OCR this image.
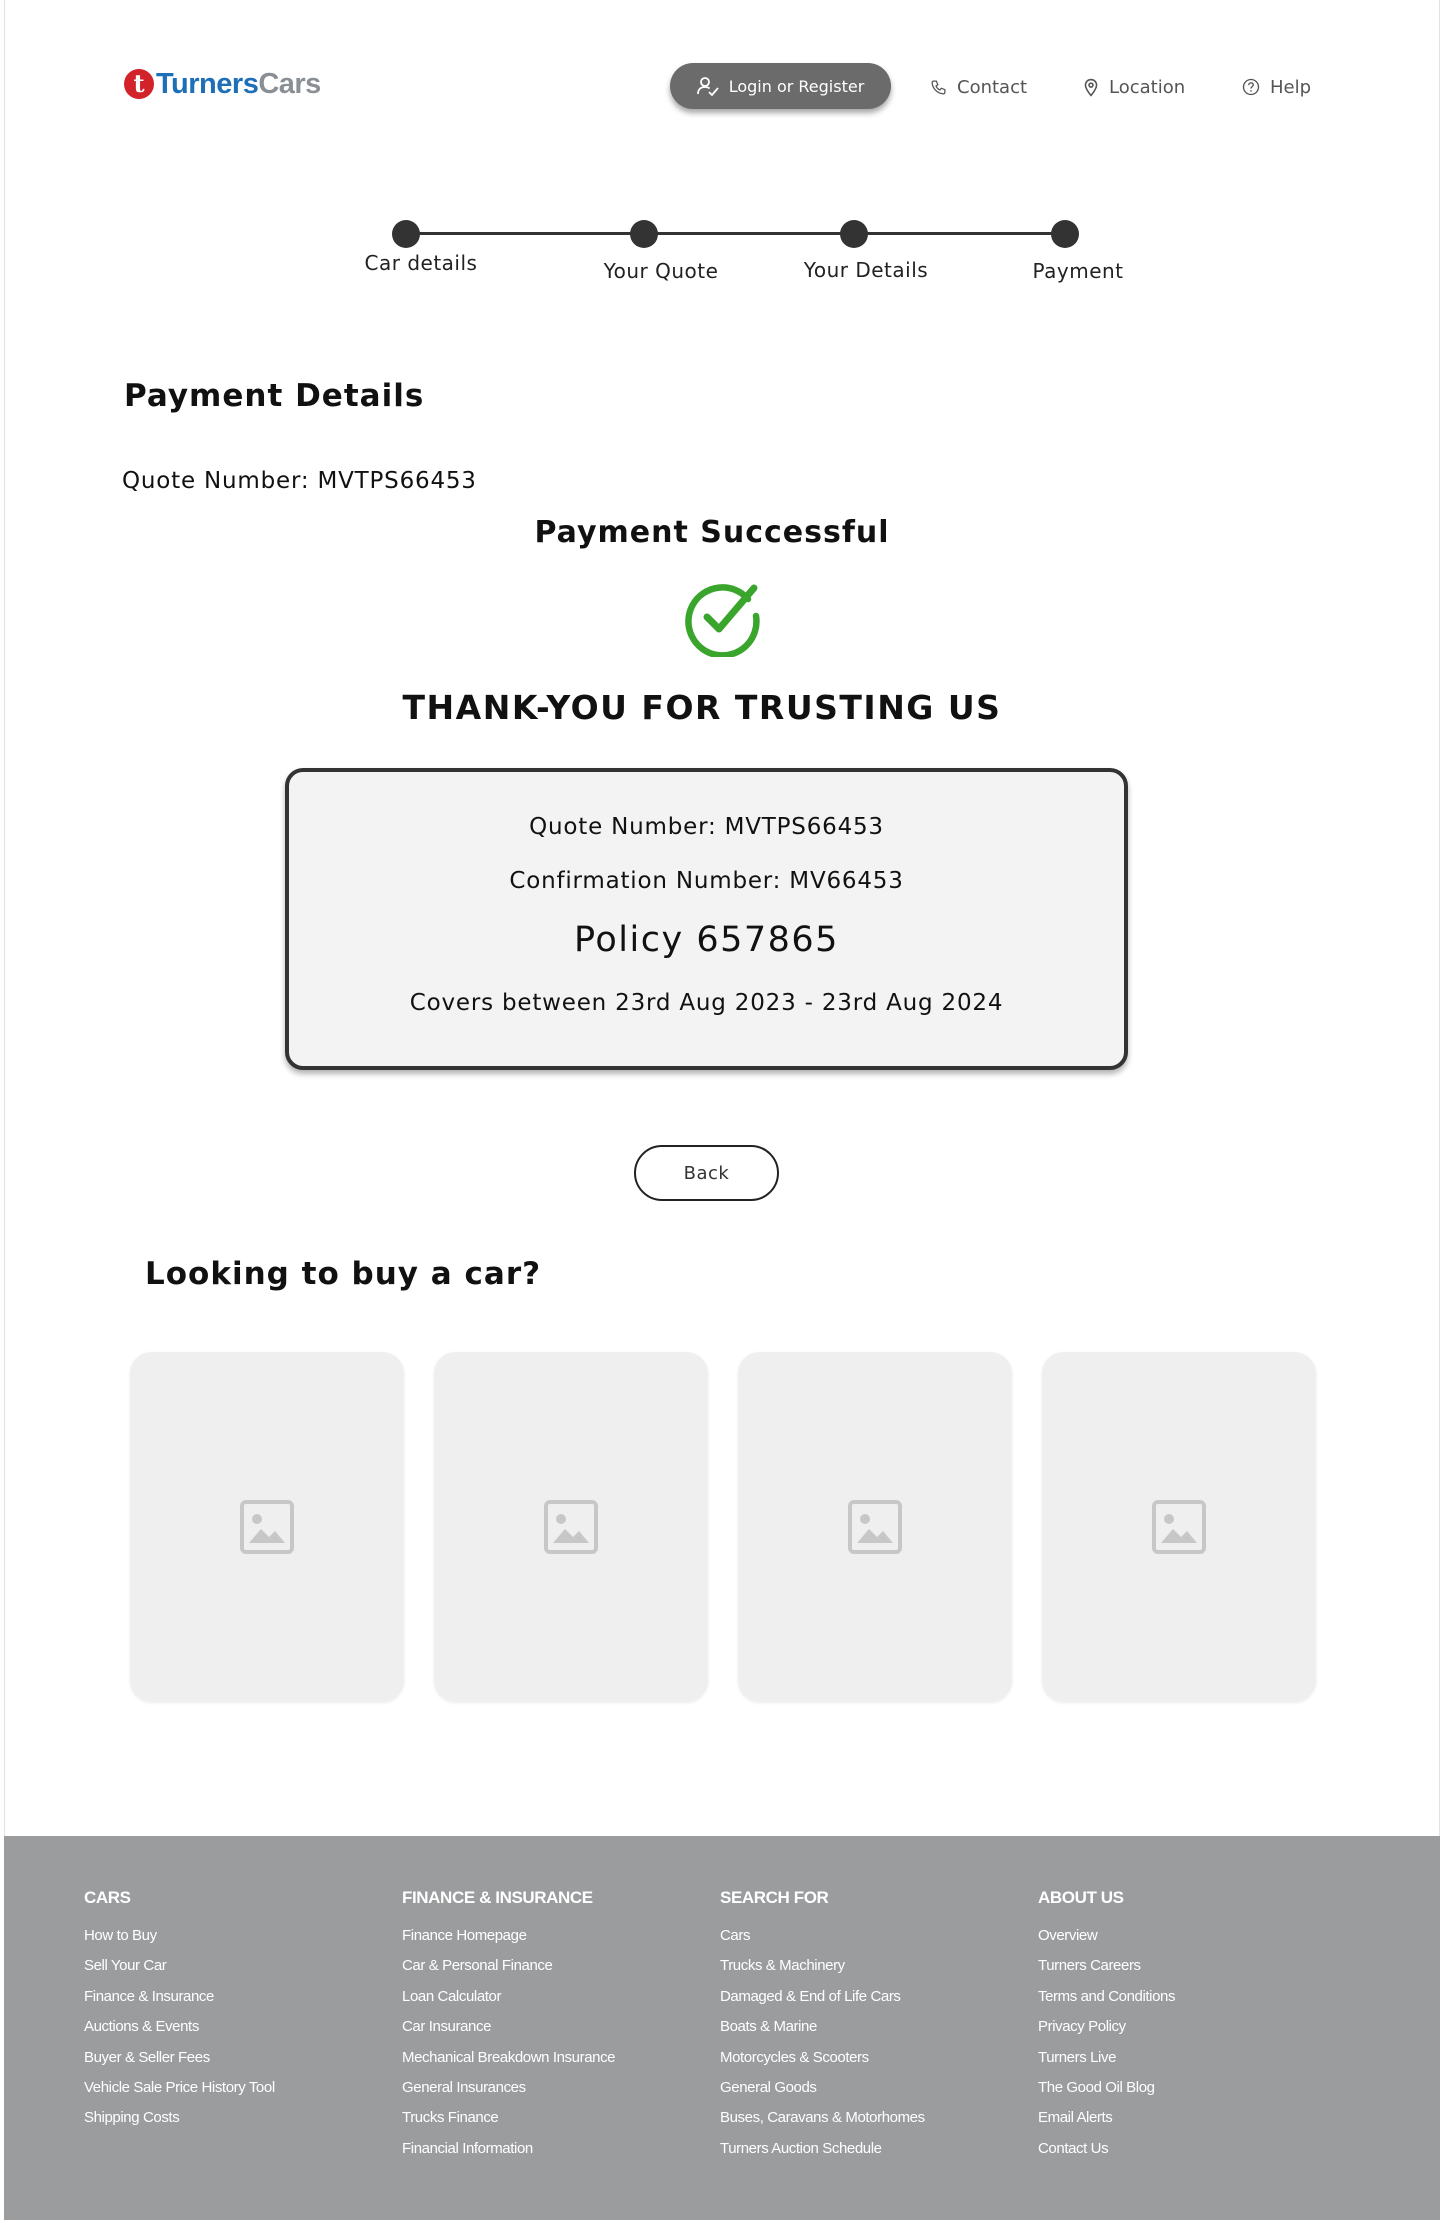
t TurnersCars	Login or Register	Contact	Location	Help
Car details	Your Quote	Your Details	Payment
Payment Details
Quote Number: MVTPS66453
Payment Successful
THANK-YOU FOR TRUSTING US
Quote Number: MVTPS66453
Confirmation Number: MV66453
Policy 657865
Covers between 23rd Aug 2023 - 23rd Aug 2024
Back
Looking to buy a car?
CARS
How to Buy
Sell Your Car
Finance & Insurance
Auctions & Events
Buyer & Seller Fees
Vehicle Sale Price History Tool
Shipping Costs
FINANCE & INSURANCE
Finance Homepage
Car & Personal Finance
Loan Calculator
Car Insurance
Mechanical Breakdown Insurance
General Insurances
Trucks Finance
Financial Information
SEARCH FOR
Cars
Trucks & Machinery
Damaged & End of Life Cars
Boats & Marine
Motorcycles & Scooters
General Goods
Buses, Caravans & Motorhomes
Turners Auction Schedule
ABOUT US
Overview
Turners Careers
Terms and Conditions
Privacy Policy
Turners Live
The Good Oil Blog
Email Alerts
Contact Us
